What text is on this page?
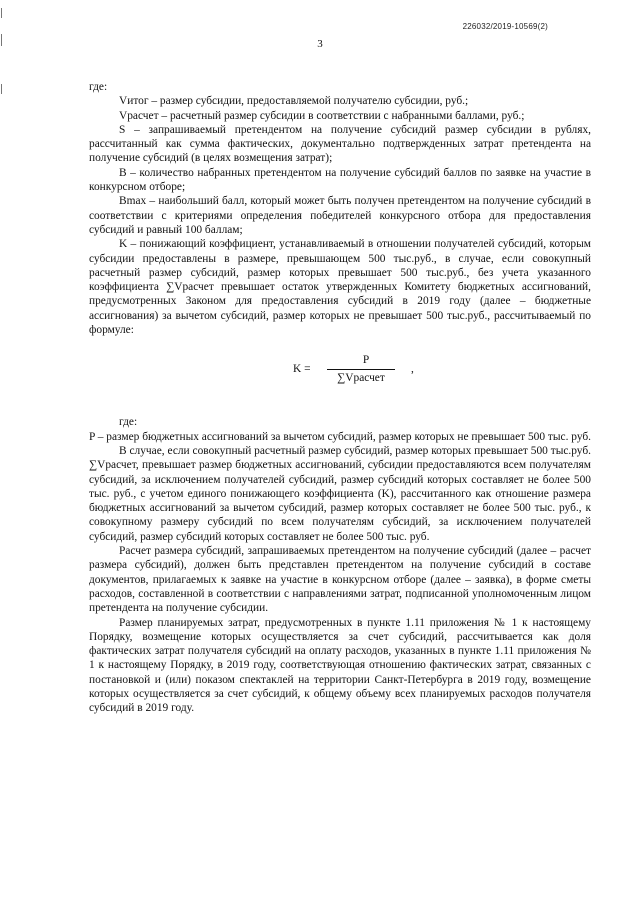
226032/2019-10569(2)
3

где:

Vитог – размер субсидии, предоставляемой получателю субсидии, руб.;

Vрасчет – расчетный размер субсидии в соответствии с набранными баллами, руб.;

S – запрашиваемый претендентом на получение субсидий размер субсидии в рублях, рассчитанный как сумма фактических, документально подтвержденных затрат претендента на получение субсидий (в целях возмещения затрат);

B – количество набранных претендентом на получение субсидий баллов по заявке на участие в конкурсном отборе;

Bmax – наибольший балл, который может быть получен претендентом на получение субсидий в соответствии с критериями определения победителей конкурсного отбора для предоставления субсидий и равный 100 баллам;

K – понижающий коэффициент, устанавливаемый в отношении получателей субсидий, которым субсидии предоставлены в размере, превышающем 500 тыс.руб., в случае, если совокупный расчетный размер субсидий, размер которых превышает 500 тыс.руб., без учета указанного коэффициента ∑Vрасчет превышает остаток утвержденных Комитету бюджетных ассигнований, предусмотренных Законом для предоставления субсидий в 2019 году (далее – бюджетные ассигнования) за вычетом субсидий, размер которых не превышает 500 тыс.руб., рассчитываемый по формуле:

K =
P
∑Vрасчет
,

где:

P – размер бюджетных ассигнований за вычетом субсидий, размер которых не превышает 500 тыс. руб.

В случае, если совокупный расчетный размер субсидий, размер которых превышает 500 тыс.руб. ∑Vрасчет, превышает размер бюджетных ассигнований, субсидии предоставляются всем получателям субсидий, за исключением получателей субсидий, размер субсидий которых составляет не более 500 тыс. руб., с учетом единого понижающего коэффициента (K), рассчитанного как отношение размера бюджетных ассигнований за вычетом субсидий, размер которых составляет не более 500 тыс. руб., к совокупному размеру субсидий по всем получателям субсидий, за исключением получателей субсидий, размер субсидий которых составляет не более 500 тыс. руб.

Расчет размера субсидий, запрашиваемых претендентом на получение субсидий (далее – расчет размера субсидий), должен быть представлен претендентом на получение субсидий в составе документов, прилагаемых к заявке на участие в конкурсном отборе (далее – заявка), в форме сметы расходов, составленной в соответствии с направлениями затрат, подписанной уполномоченным лицом претендента на получение субсидии.

Размер планируемых затрат, предусмотренных в пункте 1.11 приложения № 1 к настоящему Порядку, возмещение которых осуществляется за счет субсидий, рассчитывается как доля фактических затрат получателя субсидий на оплату расходов, указанных в пункте 1.11 приложения № 1 к настоящему Порядку, в 2019 году, соответствующая отношению фактических затрат, связанных с постановкой и (или) показом спектаклей на территории Санкт-Петербурга в 2019 году, возмещение которых осуществляется за счет субсидий, к общему объему всех планируемых расходов получателя субсидий в 2019 году.
